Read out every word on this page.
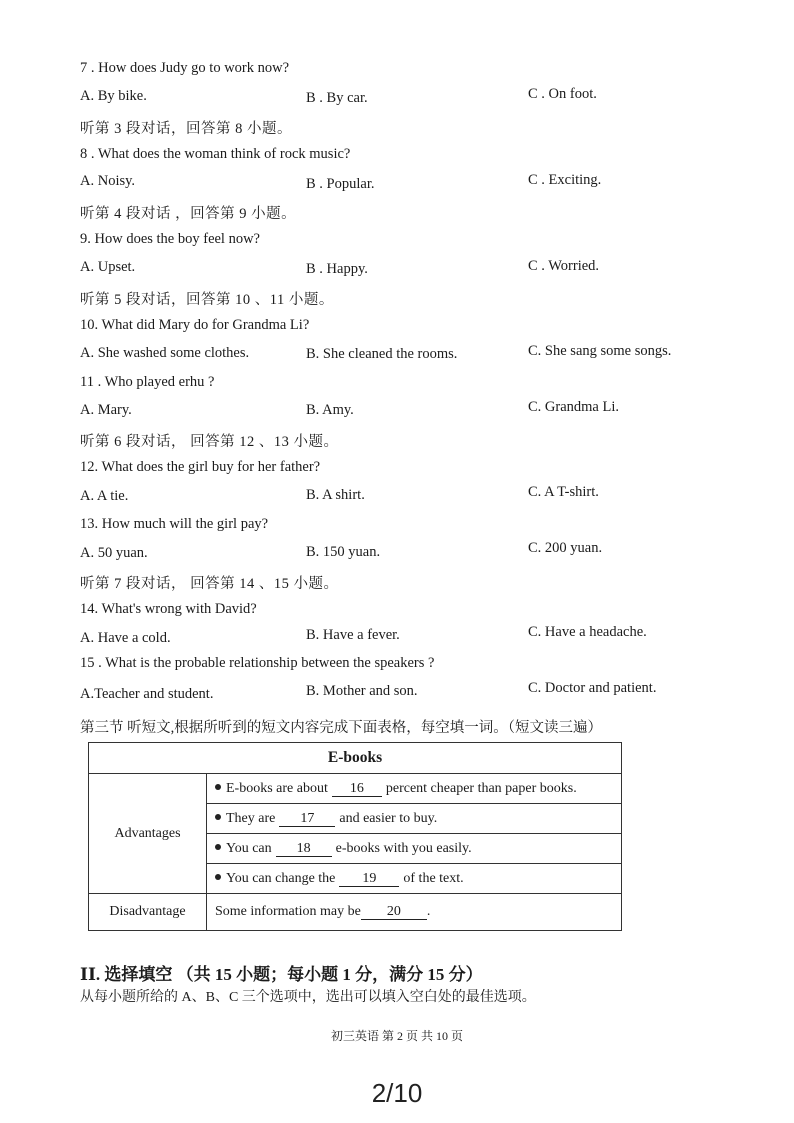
7 . How does Judy go to work now?
A. By bike.	B . By car.	C . On foot.
听第 3 段对话，回答第 8 小题。
8 . What does the woman think of rock music?
A. Noisy.	B . Popular.	C . Exciting.
听第 4 段对话 ，回答第 9 小题。
9. How does the boy feel now?
A. Upset.	B . Happy.	C . Worried.
听第 5 段对话，回答第 10 、11 小题。
10. What did Mary do for Grandma Li?
A. She washed some clothes.	B. She cleaned the rooms.	C. She sang some songs.
11 . Who played erhu ?
A. Mary.	B. Amy.	C. Grandma Li.
听第 6 段对话， 回答第 12 、13 小题。
12. What does the girl buy for her father?
A. A tie.	B. A shirt.	C. A T-shirt.
13. How much will the girl pay?
A. 50 yuan.	B. 150 yuan.	C. 200 yuan.
听第 7 段对话， 回答第 14 、15 小题。
14. What's wrong with David?
A. Have a cold.	B. Have a fever.	C. Have a headache.
15 . What is the probable relationship between the speakers ?
A.Teacher and student.	B. Mother and son.	C. Doctor and patient.
第三节 听短文,根据所听到的短文内容完成下面表格，每空填一词。（短文读三遍）
E-books	
Advantages	E-books are about 16 percent cheaper than paper books.
	They are 17 and easier to buy.
	You can 18 e-books with you easily.
	You can change the 19 of the text.
Disadvantage	Some information may be 20 .
II. 选择填空 （共 15 小题；每小题 1 分，满分 15 分）
从每小题所给的 A、B、C 三个选项中，选出可以填入空白处的最佳选项。
初三英语 第 2 页 共 10 页
2/10
